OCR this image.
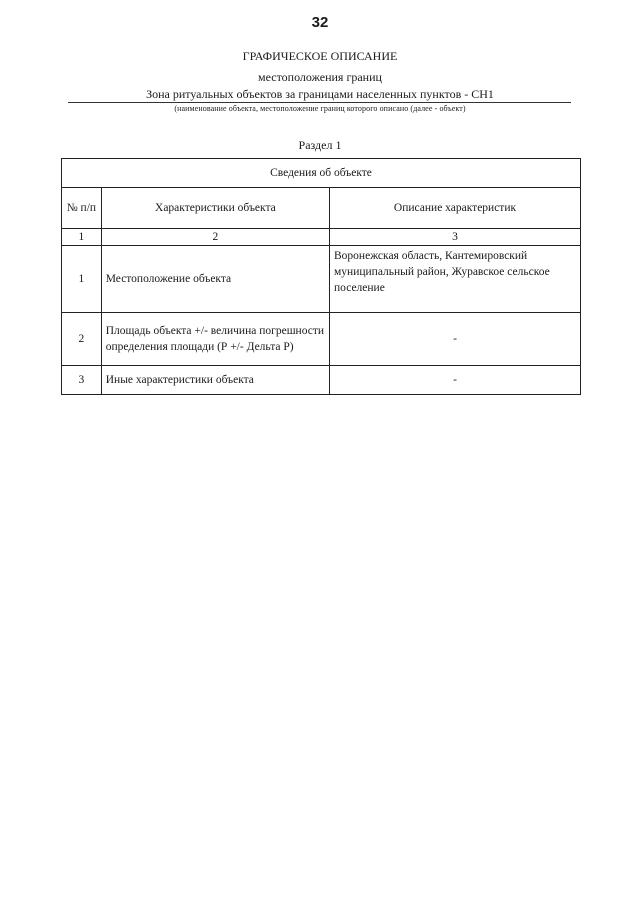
32
ГРАФИЧЕСКОЕ ОПИСАНИЕ
местоположения границ
Зона ритуальных объектов за границами населенных пунктов - СН1
(наименование объекта, местоположение границ которого описано (далее - объект)
Раздел 1
Сведения об объекте		
№ п/п	Характеристики объекта	Описание характеристик
1	2	3
1	Местоположение объекта	Воронежская область, Кантемировский муниципальный район, Журавское сельское поселение
2	Площадь объекта +/- величина погрешности определения площади (Р +/- Дельта Р)	-
3	Иные характеристики объекта	-
